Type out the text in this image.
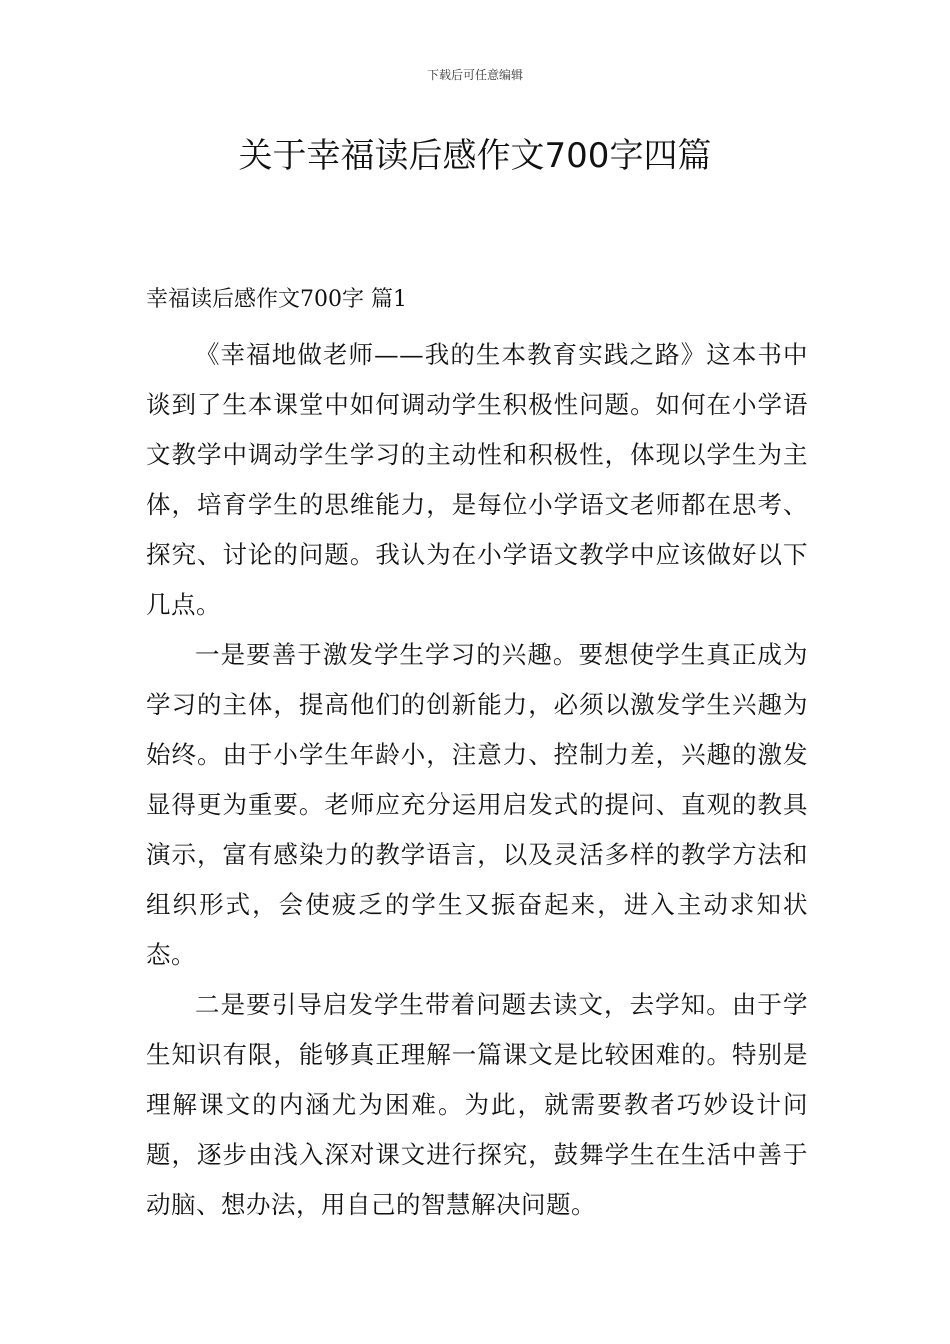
下载后可任意编辑
关于幸福读后感作文700字四篇
幸福读后感作文700字 篇1

《幸福地做老师——我的生本教育实践之路》这本书中谈到了生本课堂中如何调动学生积极性问题。如何在小学语文教学中调动学生学习的主动性和积极性，体现以学生为主体，培育学生的思维能力，是每位小学语文老师都在思考、探究、讨论的问题。我认为在小学语文教学中应该做好以下几点。

一是要善于激发学生学习的兴趣。要想使学生真正成为学习的主体，提高他们的创新能力，必须以激发学生兴趣为始终。由于小学生年龄小，注意力、控制力差，兴趣的激发显得更为重要。老师应充分运用启发式的提问、直观的教具演示，富有感染力的教学语言，以及灵活多样的教学方法和组织形式，会使疲乏的学生又振奋起来，进入主动求知状态。

二是要引导启发学生带着问题去读文，去学知。由于学生知识有限，能够真正理解一篇课文是比较困难的。特别是理解课文的内涵尤为困难。为此，就需要教者巧妙设计问题，逐步由浅入深对课文进行探究，鼓舞学生在生活中善于动脑、想办法，用自己的智慧解决问题。
